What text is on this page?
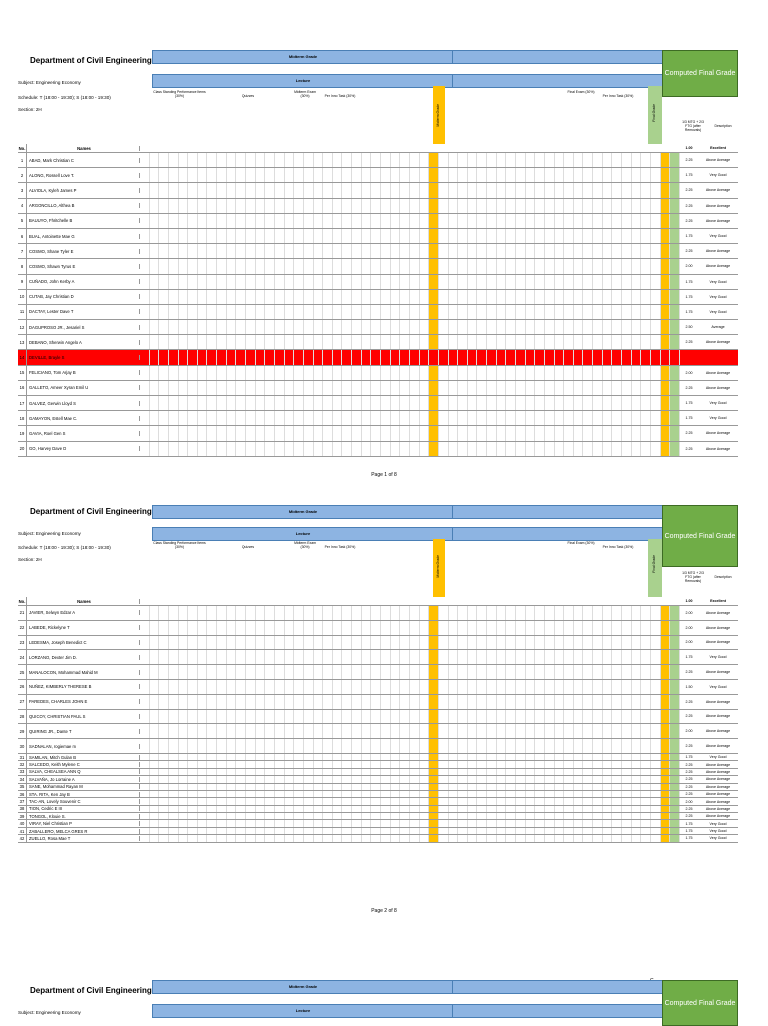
Department of Civil Engineering
Subject: Engineering Economy
Schedule: T (18:00 - 19:30); S (18:00 - 19:30)
Section: 2H
Midterm Grade
Lecture
Computed Final Grade
Class Standing Performance Items (30%)	Quizzes
Midterm Exam (30%)	Per Inno Task (30%)
Final Exam (30%)
Per Inno Task (30%)
1/3 MTG + 2/3 FTG (after Removals)
Description
Midterm Grade	Final Grade
No.	Names	1.00	Excellent
1	ABAD, Mark Christian C	2.25	Above Average
2	ALONG, Rossell Love T.	1.75	Very Good
3	ALVIOLA, Kyleh James P	2.25	Above Average
4	ARGONCILLO, Althea B	2.25	Above Average
5	BAUUYO, Fhritchelle B	2.25	Above Average
6	BUAL, Antoinette Mae G	1.75	Very Good
7	COSMO, Shane Tyler E	2.25	Above Average
8	COSMO, Shawn Tyrus E	2.00	Above Average
9	CUÑADO, John Kerby A	1.75	Very Good
10	CUTAB, Jay Christian D	1.75	Very Good
11	DACTAY, Lester Dave T	1.75	Very Good
12	DAGUPROSO JR., Jesariel S	2.50	Average
13	DEBANO, Sherwin Angelo A	2.25	Above Average
14	DEVILLE, Brayle S
15	FELICIANO, Tom Arjay B	2.00	Above Average
16	GALLETO, Ameer Xyran Emil U	2.25	Above Average
17	GALVEZ, Gerwin Lloyd S	1.75	Very Good
18	GAMAYON, Estell Mae C.	1.75	Very Good
19	GAVIA, Roel Gen S	2.25	Above Average
20	GO, Harvey Dave D	2.25	Above Average
Page 1 of 8
Department of Civil Engineering
Subject: Engineering Economy
Schedule: T (18:00 - 19:30); S (18:00 - 19:30)
Section: 2H
Midterm Grade
Lecture	Computed Final Grade
Class Standing Performance Items (30%)	Quizzes
Midterm Exam (30%)	Per Inno Task (30%)
Final Exam (30%)
Per Inno Task (30%)
1/3 MTG + 2/3 FTG (after Removals)
Description
Midterm Grade	Final Grade
No.	Names	1.00	Excellent
21	JAVIER, Selwyn Edzar A	2.00	Above Average
22	LABEDE, Rickelyne T	2.00	Above Average
23	LEDESMA, Joseph Benedict C	2.00	Above Average
24	LORZANO, Dexter Jim D.	1.75	Very Good
25	MANALOCON, Mohammad Mahid M	2.25	Above Average
26	NUÑEZ, KIMBERLY THERESE B	1.50	Very Good
27	PAREDES, CHARLES JOHN E	2.25	Above Average
28	QUICOY, CHRISTIAN PAUL S	2.25	Above Average
29	QUIRING JR., Dante T	2.00	Above Average
30	SADNALAN, rogiemae m	2.25	Above Average
31	SAMILAN, Mitch Gulan B	1.75	Very Good
32	SALCEDO, Keith Mylene C	2.25	Above Average
33	SALVA, CHEALSEA ANN Q	2.25	Above Average
34	SALVAÑA, Jo Lorraine A	2.25	Above Average
35	SANE, Mohammad Rayan M	2.25	Above Average
36	STA. RITA, Ken Jay B	2.25	Above Average
37	TAC-AN, Lovely Souvenir C	2.00	Above Average
38	TION, Cedric E III	2.25	Above Average
39	TONGOL, Klouie S.	2.25	Above Average
40	VIRAY, Niel Christian P	1.75	Very Good
41	ZABALLERO, MELCA GRES R	1.75	Very Good
42	ZUELLO, Rosa Mae T	1.75	Very Good
Page 2 of 8
Department of Civil Engineering
Subject: Engineering Economy
Midterm Grade
Lecture
Computed Final Grade
